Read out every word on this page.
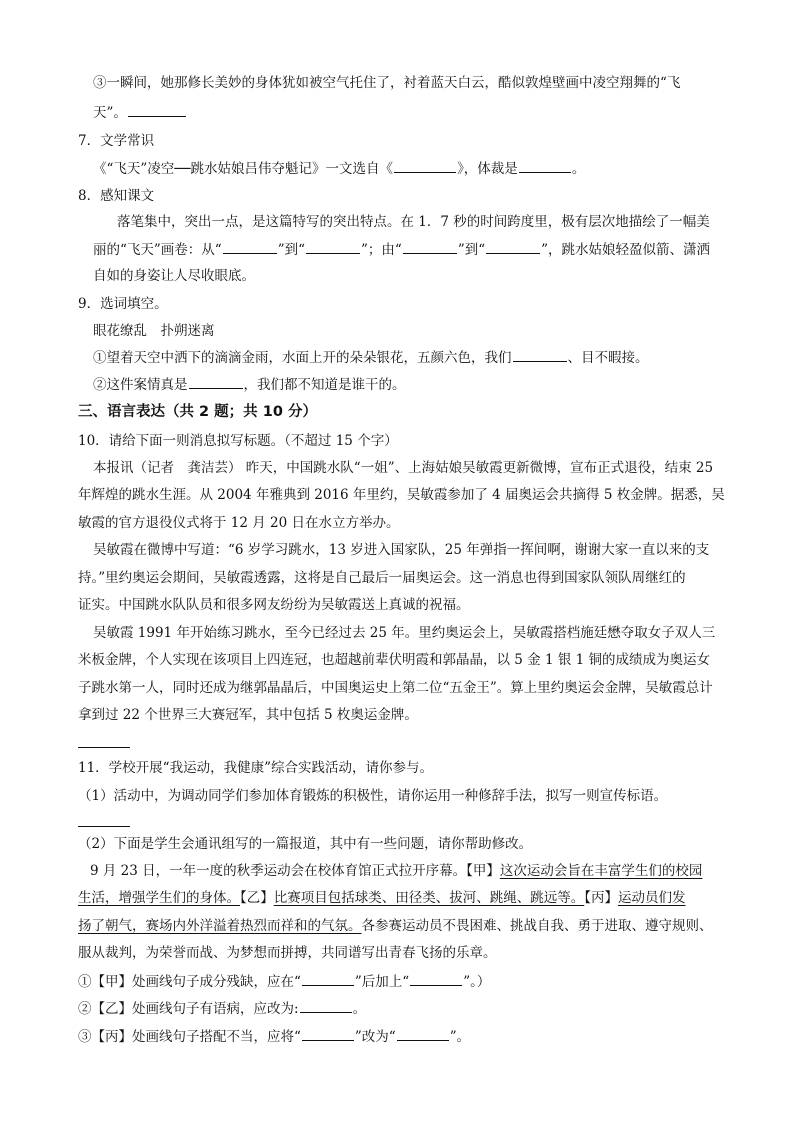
③一瞬间，她那修长美妙的身体犹如被空气托住了，衬着蓝天白云，酷似敦煌壁画中凌空翔舞的“飞
天”。
7．文学常识
《“飞天”凌空──跳水姑娘吕伟夺魁记》一文选自《	》，体裁是	。
8．感知课文
落笔集中，突出一点，是这篇特写的突出特点。在 1．7 秒的时间跨度里，极有层次地描绘了一幅美
丽的“飞天”画卷：从“	”到“	”；由“	”到“	”，跳水姑娘轻盈似箭、潇洒
自如的身姿让人尽收眼底。
9．选词填空。
眼花缭乱　扑朔迷离
①望着天空中洒下的滴滴金雨，水面上开的朵朵银花，五颜六色，我们	、目不暇接。
②这件案情真是	，我们都不知道是谁干的。
三、语言表达（共 2 题；共 10 分）
10．请给下面一则消息拟写标题。（不超过 15 个字）
本报讯（记者　龚洁芸） 昨天，中国跳水队“一姐”、上海姑娘吴敏霞更新微博，宣布正式退役，结束 25
年辉煌的跳水生涯。从 2004 年雅典到 2016 年里约，吴敏霞参加了 4 届奥运会共摘得 5 枚金牌。据悉，吴
敏霞的官方退役仪式将于 12 月 20 日在水立方举办。
吴敏霞在微博中写道：“6 岁学习跳水，13 岁进入国家队，25 年弹指一挥间啊，谢谢大家一直以来的支
持。”里约奥运会期间，吴敏霞透露，这将是自己最后一届奥运会。这一消息也得到国家队领队周继红的
证实。中国跳水队队员和很多网友纷纷为吴敏霞送上真诚的祝福。
吴敏霞 1991 年开始练习跳水，至今已经过去 25 年。里约奥运会上，吴敏霞搭档施廷懋夺取女子双人三
米板金牌，个人实现在该项目上四连冠，也超越前辈伏明霞和郭晶晶，以 5 金 1 银 1 铜的成绩成为奥运女
子跳水第一人，同时还成为继郭晶晶后，中国奥运史上第二位“五金王”。算上里约奥运会金牌，吴敏霞总计
拿到过 22 个世界三大赛冠军，其中包括 5 枚奥运金牌。
11．学校开展“我运动，我健康”综合实践活动，请你参与。
（1）活动中，为调动同学们参加体育锻炼的积极性，请你运用一种修辞手法，拟写一则宣传标语。
（2）下面是学生会通讯组写的一篇报道，其中有一些问题，请你帮助修改。
9 月 23 日，一年一度的秋季运动会在校体育馆正式拉开序幕。【甲】这次运动会旨在丰富学生们的校园
生活，增强学生们的身体。【乙】比赛项目包括球类、田径类、拔河、跳绳、跳远等。【丙】运动员们发
扬了朝气，赛场内外洋溢着热烈而祥和的气氛。各参赛运动员不畏困难、挑战自我、勇于进取、遵守规则、
服从裁判，为荣誉而战、为梦想而拼搏，共同谱写出青春飞扬的乐章。
①【甲】处画线句子成分残缺，应在“	”后加上“	”。）
②【乙】处画线句子有语病，应改为:	。
③【丙】处画线句子搭配不当，应将“	”改为“	”。
